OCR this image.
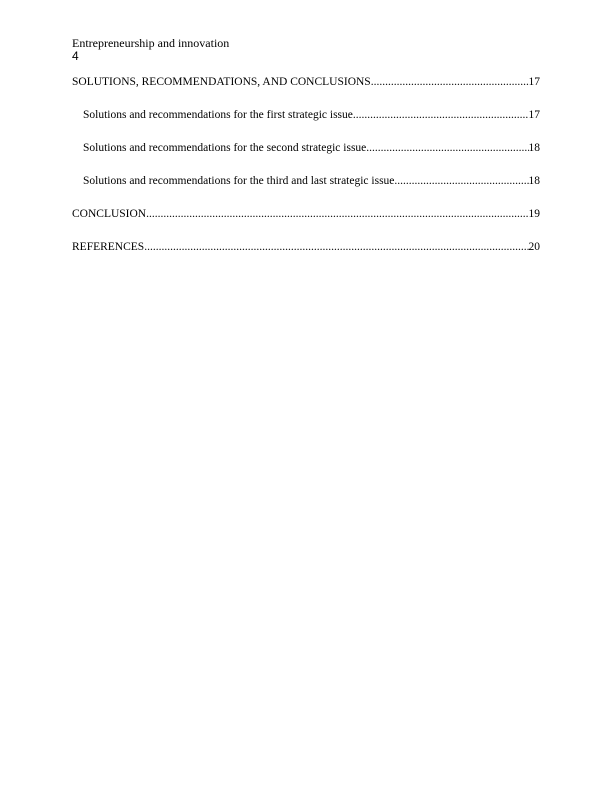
Entrepreneurship and innovation
4
SOLUTIONS, RECOMMENDATIONS, AND CONCLUSIONS .....	17
Solutions and recommendations for the first strategic issue .....	17
Solutions and recommendations for the second strategic issue .....	18
Solutions and recommendations for the third and last strategic issue .....	18
CONCLUSION .....	19
REFERENCES .....	20
